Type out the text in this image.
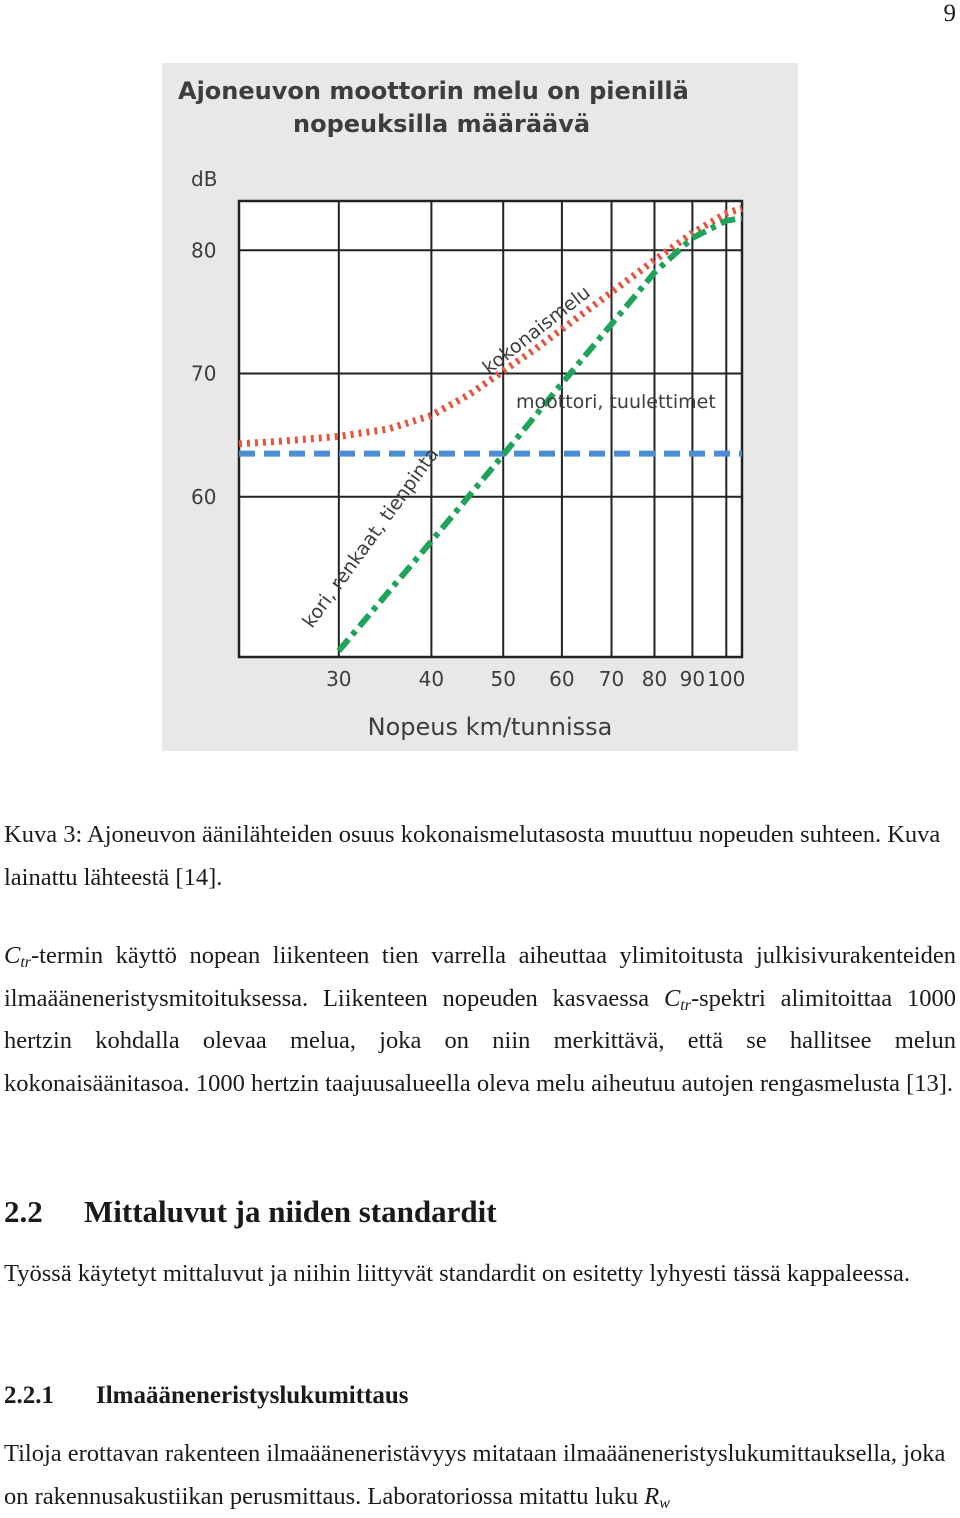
9
Ajoneuvon moottorin melu on pienillä
nopeuksilla määräävä
dB
30	40 50 60 70 80 90 100
60
70
80
Nopeus km/tunnissa
kokonaismelu
moottori, tuulettimet
kori, renkaat, tienpinta
Kuva 3: Ajoneuvon äänilähteiden osuus kokonaismelutasosta muuttuu nopeuden suhteen. Kuva lainattu lähteestä [14].
$C_{tr}$-termin käyttö nopean liikenteen tien varrella aiheuttaa ylimitoitusta julkisivurakenteiden ilmaääneneristysmitoituksessa. Liikenteen nopeuden kasvaessa $C_{tr}$-spektri alimitoittaa 1000 hertzin kohdalla olevaa melua, joka on niin merkittävä, että se hallitsee melun kokonaisäänitasoa. 1000 hertzin taajuusalueella oleva melu aiheutuu autojen rengasmelusta [13].
2.2 Mittaluvut ja niiden standardit
Työssä käytetyt mittaluvut ja niihin liittyvät standardit on esitetty lyhyesti tässä kappaleessa.
2.2.1 Ilmaääneneristyslukumittaus
Tiloja erottavan rakenteen ilmaääneneristävyys mitataan ilmaääneneristyslukumittauksella, joka on rakennusakustiikan perusmittaus. Laboratoriossa mitattu luku $R_w$
